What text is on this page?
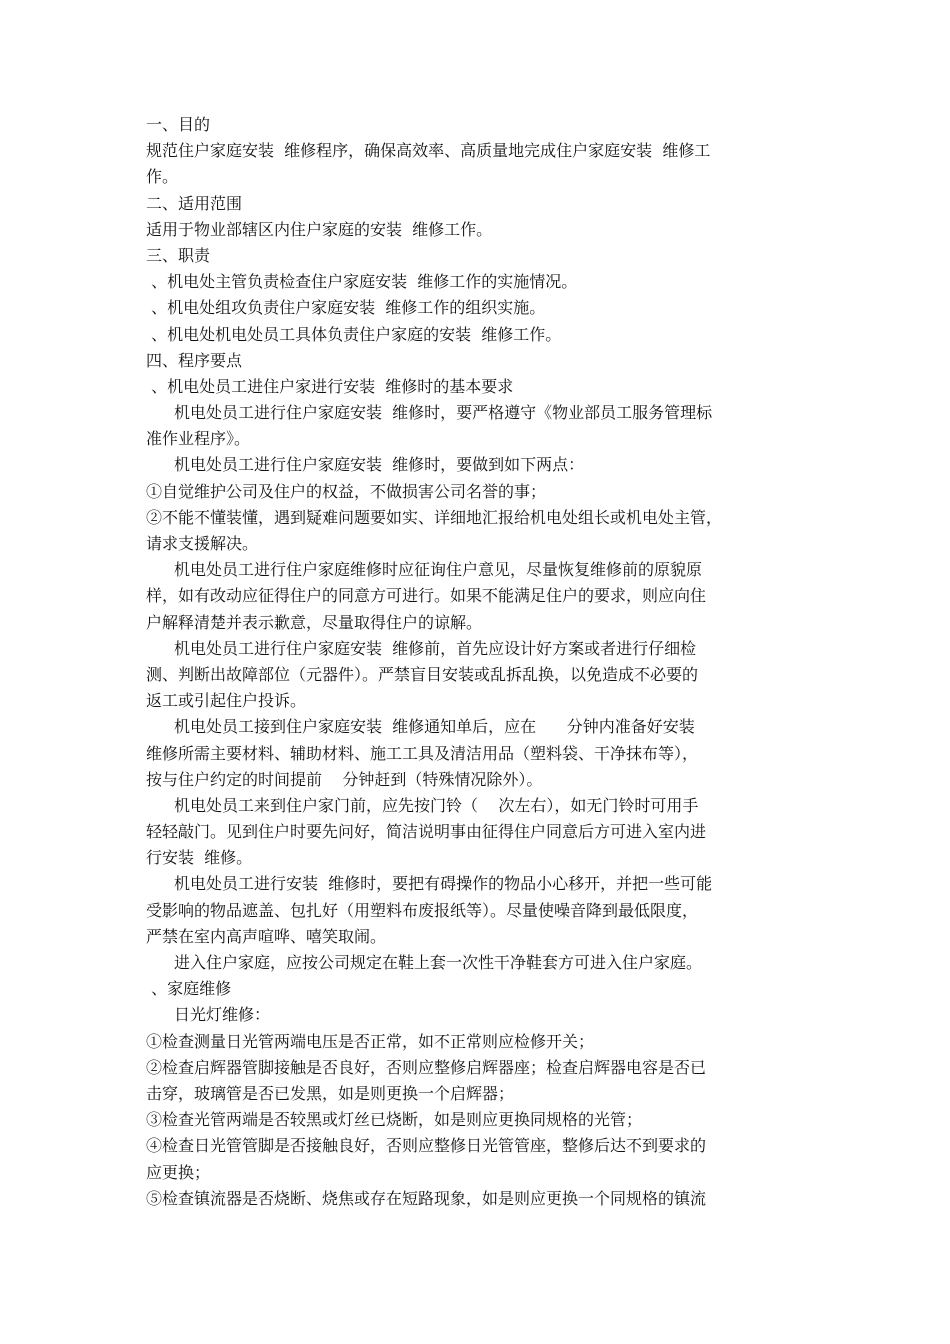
一、目的
规范住户家庭安装  维修程序，确保高效率、高质量地完成住户家庭安装  维修工
作。
二、适用范围
适用于物业部辖区内住户家庭的安装  维修工作。
三、职责
、机电处主管负责检查住户家庭安装  维修工作的实施情况。
、机电处组攻负责住户家庭安装  维修工作的组织实施。
、机电处机电处员工具体负责住户家庭的安装  维修工作。
四、程序要点
、机电处员工进住户家进行安装  维修时的基本要求
机电处员工进行住户家庭安装  维修时，要严格遵守《物业部员工服务管理标
准作业程序》。
机电处员工进行住户家庭安装  维修时，要做到如下两点：
①自觉维护公司及住户的权益，不做损害公司名誉的事；
②不能不懂装懂，遇到疑难问题要如实、详细地汇报给机电处组长或机电处主管，
请求支援解决。
机电处员工进行住户家庭维修时应征询住户意见，尽量恢复维修前的原貌原
样，如有改动应征得住户的同意方可进行。如果不能满足住户的要求，则应向住
户解释清楚并表示歉意，尽量取得住户的谅解。
机电处员工进行住户家庭安装  维修前，首先应设计好方案或者进行仔细检
测、判断出故障部位（元器件）。严禁盲目安装或乱拆乱换，以免造成不必要的
返工或引起住户投诉。
机电处员工接到住户家庭安装  维修通知单后，应在      分钟内准备好安装
维修所需主要材料、辅助材料、施工工具及清洁用品（塑料袋、干净抹布等），
按与住户约定的时间提前    分钟赶到（特殊情况除外）。
机电处员工来到住户家门前，应先按门铃（    次左右），如无门铃时可用手
轻轻敲门。见到住户时要先问好，简洁说明事由征得住户同意后方可进入室内进
行安装  维修。
机电处员工进行安装  维修时，要把有碍操作的物品小心移开，并把一些可能
受影响的物品遮盖、包扎好（用塑料布废报纸等）。尽量使噪音降到最低限度，
严禁在室内高声喧哗、嘻笑取闹。
进入住户家庭，应按公司规定在鞋上套一次性干净鞋套方可进入住户家庭。
、家庭维修
日光灯维修：
①检查测量日光管两端电压是否正常，如不正常则应检修开关；
②检查启辉器管脚接触是否良好，否则应整修启辉器座；检查启辉器电容是否已
击穿，玻璃管是否已发黑，如是则更换一个启辉器；
③检查光管两端是否较黑或灯丝已烧断，如是则应更换同规格的光管；
④检查日光管管脚是否接触良好，否则应整修日光管管座，整修后达不到要求的
应更换；
⑤检查镇流器是否烧断、烧焦或存在短路现象，如是则应更换一个同规格的镇流
